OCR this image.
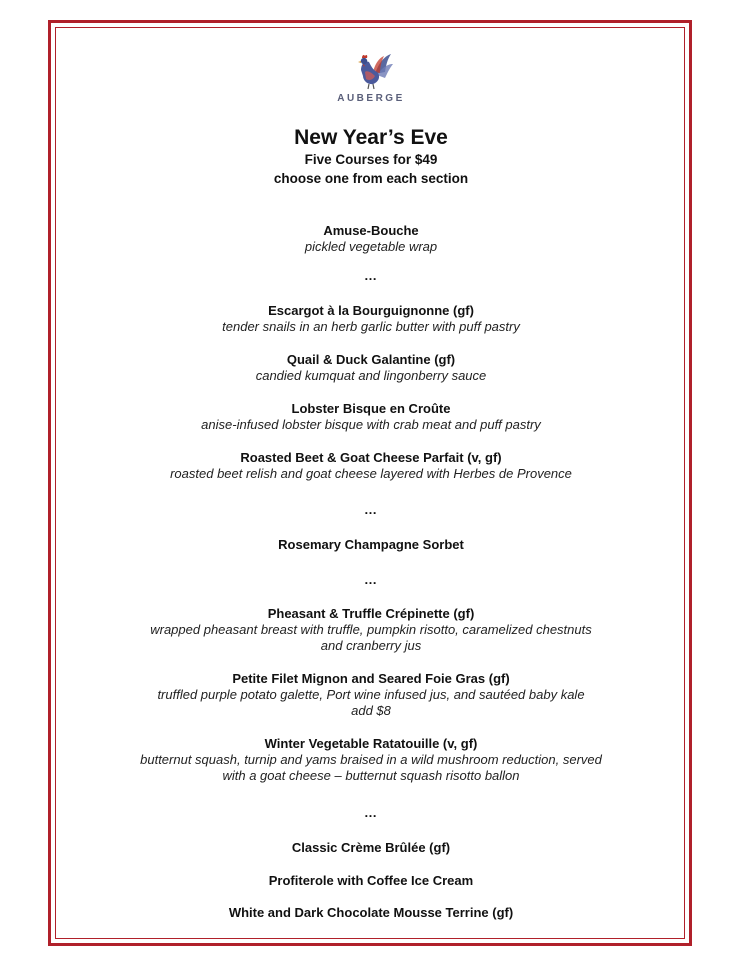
AUBERGE
New Year’s Eve
Five Courses for $49
choose one from each section
Amuse-Bouche
pickled vegetable wrap
…
Escargot à la Bourguignonne (gf)
tender snails in an herb garlic butter with puff pastry
Quail & Duck Galantine (gf)
candied kumquat and lingonberry sauce
Lobster Bisque en Croûte
anise-infused lobster bisque with crab meat and puff pastry
Roasted Beet & Goat Cheese Parfait (v, gf)
roasted beet relish and goat cheese layered with Herbes de Provence
…
Rosemary Champagne Sorbet
…
Pheasant & Truffle Crépinette (gf)
wrapped pheasant breast with truffle, pumpkin risotto, caramelized chestnuts
and cranberry jus
Petite Filet Mignon and Seared Foie Gras (gf)
truffled purple potato galette, Port wine infused jus, and sautéed baby kale
add $8
Winter Vegetable Ratatouille (v, gf)
butternut squash, turnip and yams braised in a wild mushroom reduction, served
with a goat cheese – butternut squash risotto ballon
…
Classic Crème Brûlée (gf)
Profiterole with Coffee Ice Cream
White and Dark Chocolate Mousse Terrine (gf)
